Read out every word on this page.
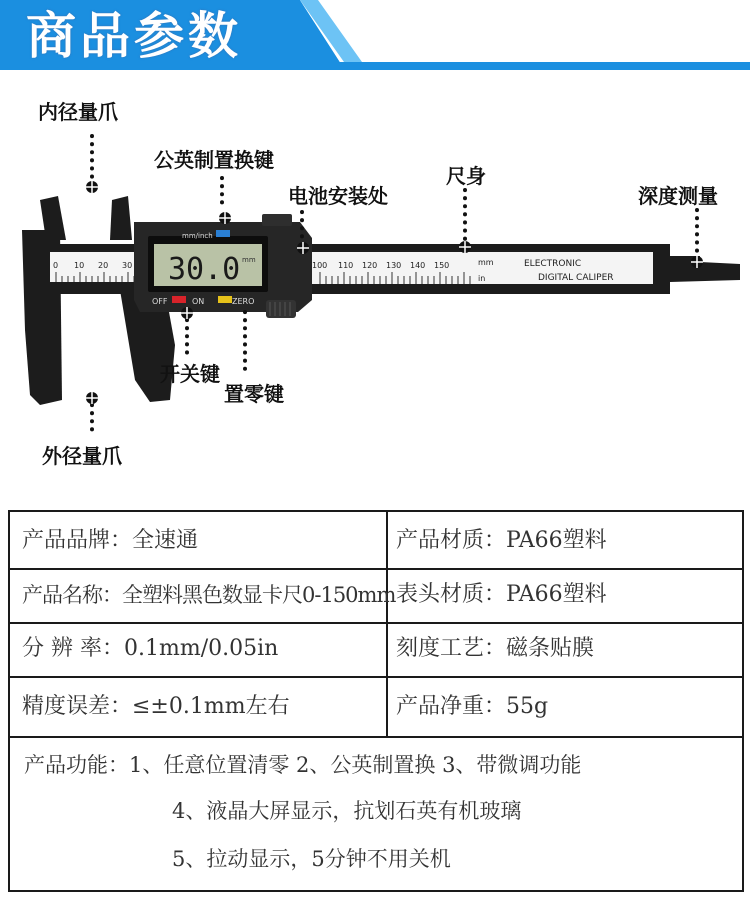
商品参数
0 10 20 30	100 110 120 130 140 150	mm
in
ELECTRONIC
DIGITAL CALIPER
30.0 mm
mm/inch
OFF	ON	ZERO
内径量爪
公英制置换键
电池安装处
尺身
深度测量
开关键
置零键
外径量爪
产品品牌：全速通	产品材质：PA66塑料
产品名称：全塑料黑色数显卡尺0-150mm 表头材质：PA66塑料
分 辨 率：0.1mm/0.05in	刻度工艺：磁条贴膜
精度误差：≤±0.1mm左右	产品净重：55g
产品功能：1、任意位置清零 2、公英制置换 3、带微调功能
4、液晶大屏显示，抗划石英有机玻璃
5、拉动显示，5分钟不用关机
